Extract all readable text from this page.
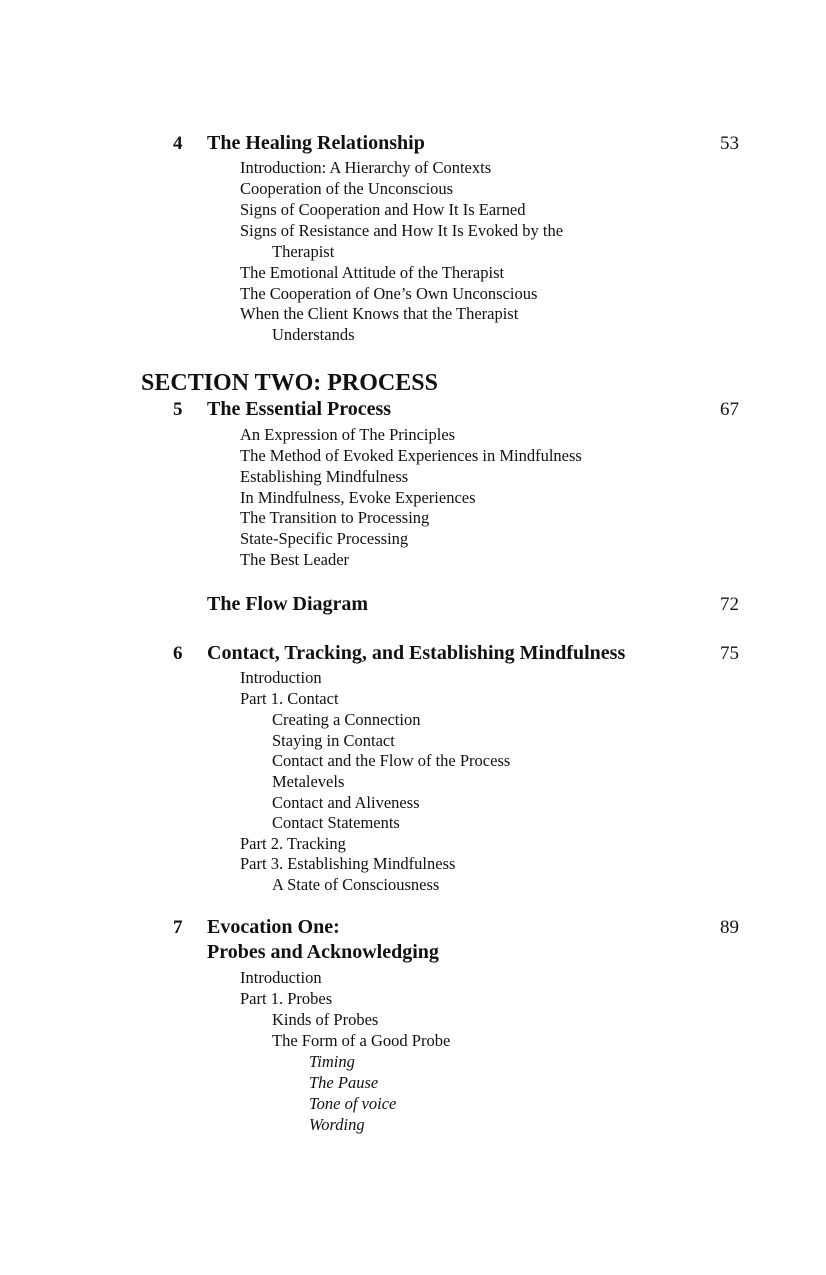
4 The Healing Relationship	53
Introduction: A Hierarchy of Contexts
Cooperation of the Unconscious
Signs of Cooperation and How It Is Earned
Signs of Resistance and How It Is Evoked by the
Therapist
The Emotional Attitude of the Therapist
The Cooperation of One’s Own Unconscious
When the Client Knows that the Therapist
Understands
SECTION TWO: PROCESS
5 The Essential Process	67
An Expression of The Principles
The Method of Evoked Experiences in Mindfulness
Establishing Mindfulness
In Mindfulness, Evoke Experiences
The Transition to Processing
State-Specific Processing
The Best Leader
The Flow Diagram	72
6 Contact, Tracking, and Establishing Mindfulness	75
Introduction
Part 1. Contact
Creating a Connection
Staying in Contact
Contact and the Flow of the Process
Metalevels
Contact and Aliveness
Contact Statements
Part 2. Tracking
Part 3. Establishing Mindfulness
A State of Consciousness
7 Evocation One:	89
Probes and Acknowledging
Introduction
Part 1. Probes
Kinds of Probes
The Form of a Good Probe
Timing
The Pause
Tone of voice
Wording
